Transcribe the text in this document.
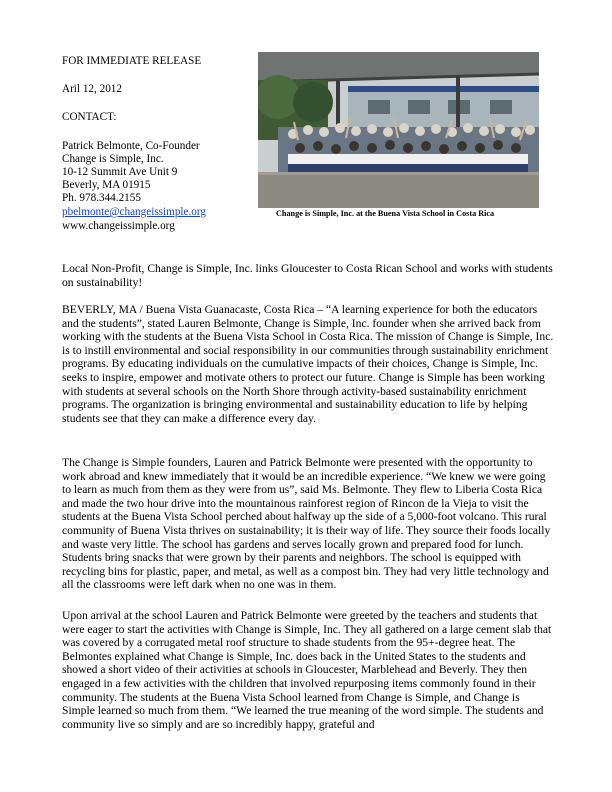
FOR IMMEDIATE RELEASE
Aril 12, 2012
CONTACT:
Patrick Belmonte, Co-Founder
Change is Simple, Inc.
10-12 Summit Ave Unit 9
Beverly, MA 01915
Ph. 978.344.2155
pbelmonte@changeissimple.org
www.changeissimple.org
Change is Simple, Inc. at the Buena Vista School in Costa Rica
Local Non-Profit, Change is Simple, Inc. links Gloucester to Costa Rican School and works with students on sustainability!

BEVERLY, MA / Buena Vista Guanacaste, Costa Rica – “A learning experience for both the educators and the students”, stated Lauren Belmonte, Change is Simple, Inc. founder when she arrived back from working with the students at the Buena Vista School in Costa Rica. The mission of Change is Simple, Inc. is to instill environmental and social responsibility in our communities through sustainability enrichment programs. By educating individuals on the cumulative impacts of their choices, Change is Simple, Inc. seeks to inspire, empower and motivate others to protect our future. Change is Simple has been working with students at several schools on the North Shore through activity-based sustainability enrichment programs. The organization is bringing environmental and sustainability education to life by helping students see that they can make a difference every day.

The Change is Simple founders, Lauren and Patrick Belmonte were presented with the opportunity to work abroad and knew immediately that it would be an incredible experience. “We knew we were going to learn as much from them as they were from us”, said Ms. Belmonte. They flew to Liberia Costa Rica and made the two hour drive into the mountainous rainforest region of Rincon de la Vieja to visit the students at the Buena Vista School perched about halfway up the side of a 5,000-foot volcano. This rural community of Buena Vista thrives on sustainability; it is their way of life. They source their foods locally and waste very little. The school has gardens and serves locally grown and prepared food for lunch. Students bring snacks that were grown by their parents and neighbors. The school is equipped with recycling bins for plastic, paper, and metal, as well as a compost bin. They had very little technology and all the classrooms were left dark when no one was in them.

Upon arrival at the school Lauren and Patrick Belmonte were greeted by the teachers and students that were eager to start the activities with Change is Simple, Inc. They all gathered on a large cement slab that was covered by a corrugated metal roof structure to shade students from the 95+-degree heat. The Belmontes explained what Change is Simple, Inc. does back in the United States to the students and showed a short video of their activities at schools in Gloucester, Marblehead and Beverly. They then engaged in a few activities with the children that involved repurposing items commonly found in their community. The students at the Buena Vista School learned from Change is Simple, and Change is Simple learned so much from them. “We learned the true meaning of the word simple. The students and community live so simply and are so incredibly happy, grateful and
